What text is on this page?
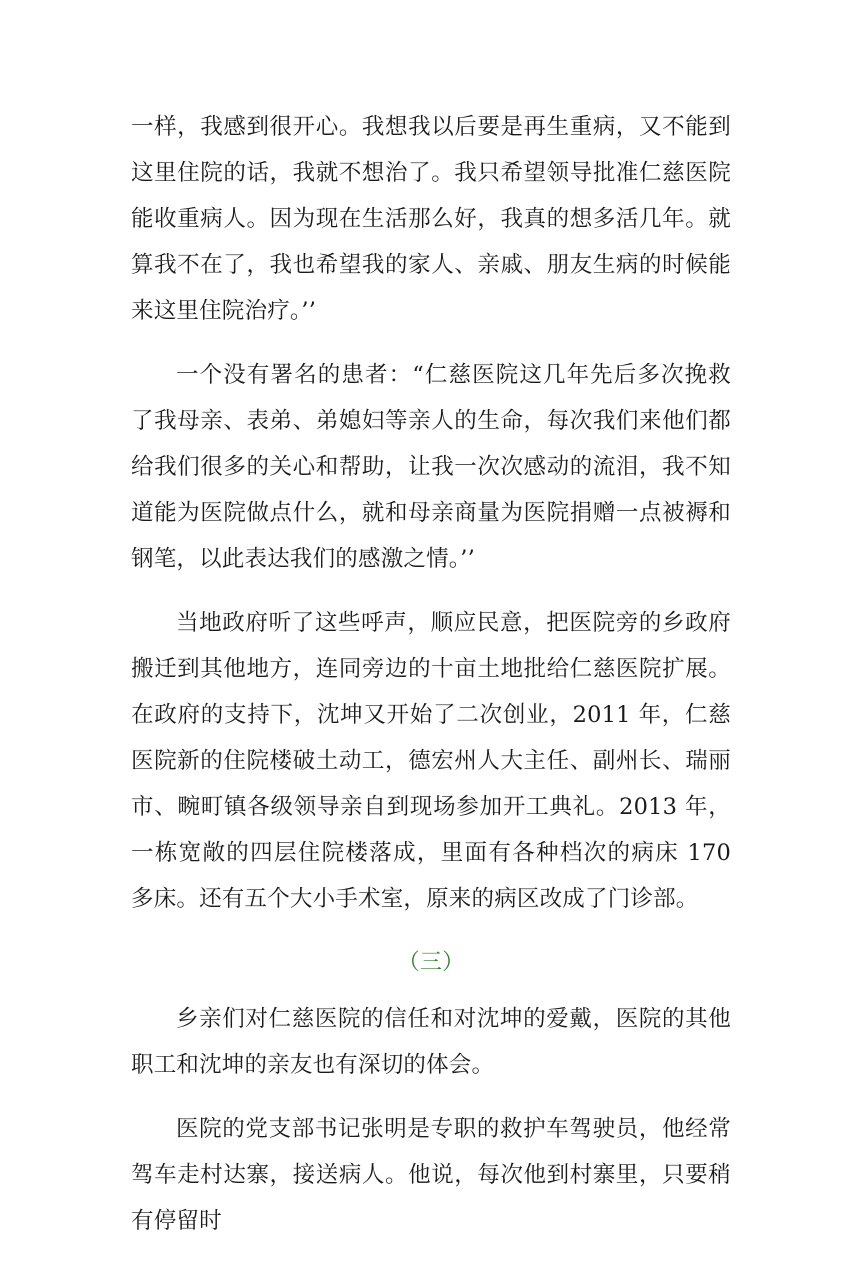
一样，我感到很开心。我想我以后要是再生重病，又不能到这里住院的话，我就不想治了。我只希望领导批准仁慈医院能收重病人。因为现在生活那么好，我真的想多活几年。就算我不在了，我也希望我的家人、亲戚、朋友生病的时候能来这里住院治疗。’’

一个没有署名的患者：“仁慈医院这几年先后多次挽救了我母亲、表弟、弟媳妇等亲人的生命，每次我们来他们都给我们很多的关心和帮助，让我一次次感动的流泪，我不知道能为医院做点什么，就和母亲商量为医院捐赠一点被褥和钢笔，以此表达我们的感激之情。’’

当地政府听了这些呼声，顺应民意，把医院旁的乡政府搬迁到其他地方，连同旁边的十亩土地批给仁慈医院扩展。在政府的支持下，沈坤又开始了二次创业，2011 年，仁慈医院新的住院楼破土动工，德宏州人大主任、副州长、瑞丽市、畹町镇各级领导亲自到现场参加开工典礼。2013 年，一栋宽敞的四层住院楼落成，里面有各种档次的病床 170 多床。还有五个大小手术室，原来的病区改成了门诊部。

（三）

乡亲们对仁慈医院的信任和对沈坤的爱戴，医院的其他职工和沈坤的亲友也有深切的体会。

医院的党支部书记张明是专职的救护车驾驶员，他经常驾车走村达寨，接送病人。他说，每次他到村寨里，只要稍有停留时
